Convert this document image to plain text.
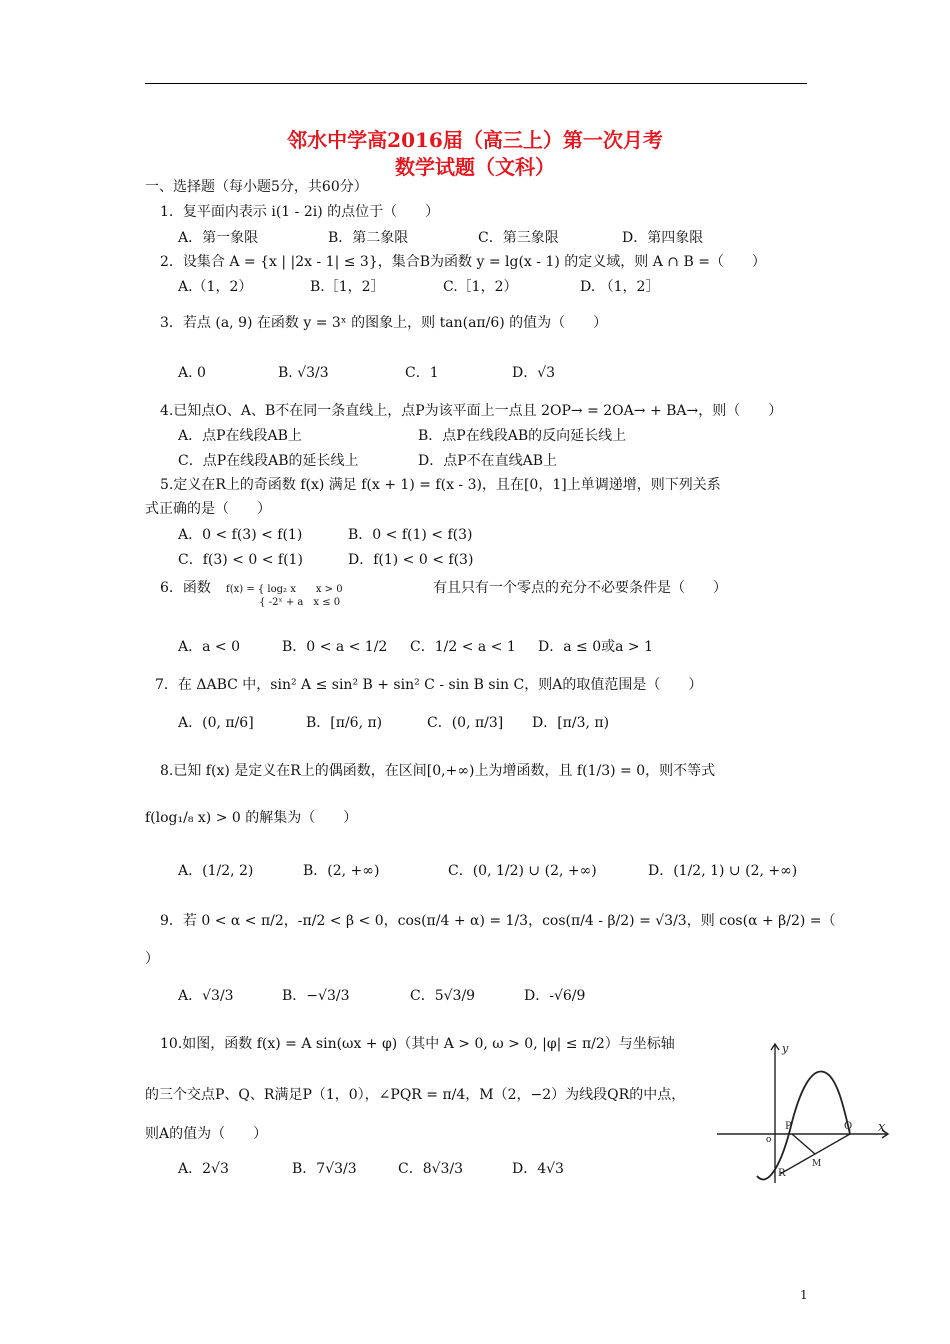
邻水中学高2016届（高三上）第一次月考
数学试题（文科）
一、选择题（每小题5分，共60分）
1．复平面内表示 i(1 - 2i) 的点位于（　　）
A．第一象限	B．第二象限	C．第三象限	D．第四象限
2．设集合 A = {x | |2x - 1| ≤ 3}，集合B为函数 y = lg(x - 1) 的定义域，则 A ∩ B =（　　）
A.（1，2）	B.［1，2］	C.［1，2）	D. （1，2］
3．若点 (a, 9) 在函数 y = 3ˣ 的图象上，则 tan(aπ/6) 的值为（　　）
A. 0	B. √3/3	C．1	D．√3
4.已知点O、A、B不在同一条直线上，点P为该平面上一点且 2OP→ = 2OA→ + BA→，则（　　）
A．点P在线段AB上	B．点P在线段AB的反向延长线上
C．点P在线段AB的延长线上	D．点P不在直线AB上
5.定义在R上的奇函数 f(x) 满足 f(x + 1) = f(x - 3)，且在[0，1]上单调递增，则下列关系
式正确的是（　　）
A．0 < f(3) < f(1)	B．0 < f(1) < f(3)
C．f(3) < 0 < f(1)	D．f(1) < 0 < f(3)
6．函数 f(x) = { log₂ x　　x > 0
　　　 { -2ˣ + a　x ≤ 0
有且只有一个零点的充分不必要条件是（　　）
A．a < 0	B．0 < a < 1/2 C．1/2 < a < 1 D．a ≤ 0或a > 1
7．在 ΔABC 中，sin² A ≤ sin² B + sin² C - sin B sin C，则A的取值范围是（　　）
A．(0, π/6]	B．[π/6, π)	C．(0, π/3] D．[π/3, π)
8.已知 f(x) 是定义在R上的偶函数，在区间[0,+∞)上为增函数，且 f(1/3) = 0，则不等式
f(log₁/₈ x) > 0 的解集为（　　）
A．(1/2, 2)	B．(2, +∞)	C．(0, 1/2) ∪ (2, +∞)	D．(1/2, 1) ∪ (2, +∞)
9．若 0 < α < π/2，-π/2 < β < 0，cos(π/4 + α) = 1/3，cos(π/4 - β/2) = √3/3，则 cos(α + β/2) =（
）
A．√3/3	B．−√3/3	C．5√3/9	D．-√6/9
10.如图，函数 f(x) = A sin(ωx + φ)（其中 A > 0, ω > 0, |φ| ≤ π/2）与坐标轴
的三个交点P、Q、R满足P（1，0），∠PQR = π/4，M（2，−2）为线段QR的中点，
则A的值为（　　）
A．2√3	B．7√3/3	C．8√3/3	D．4√3
y
x
o
P	Q
R
M
1
